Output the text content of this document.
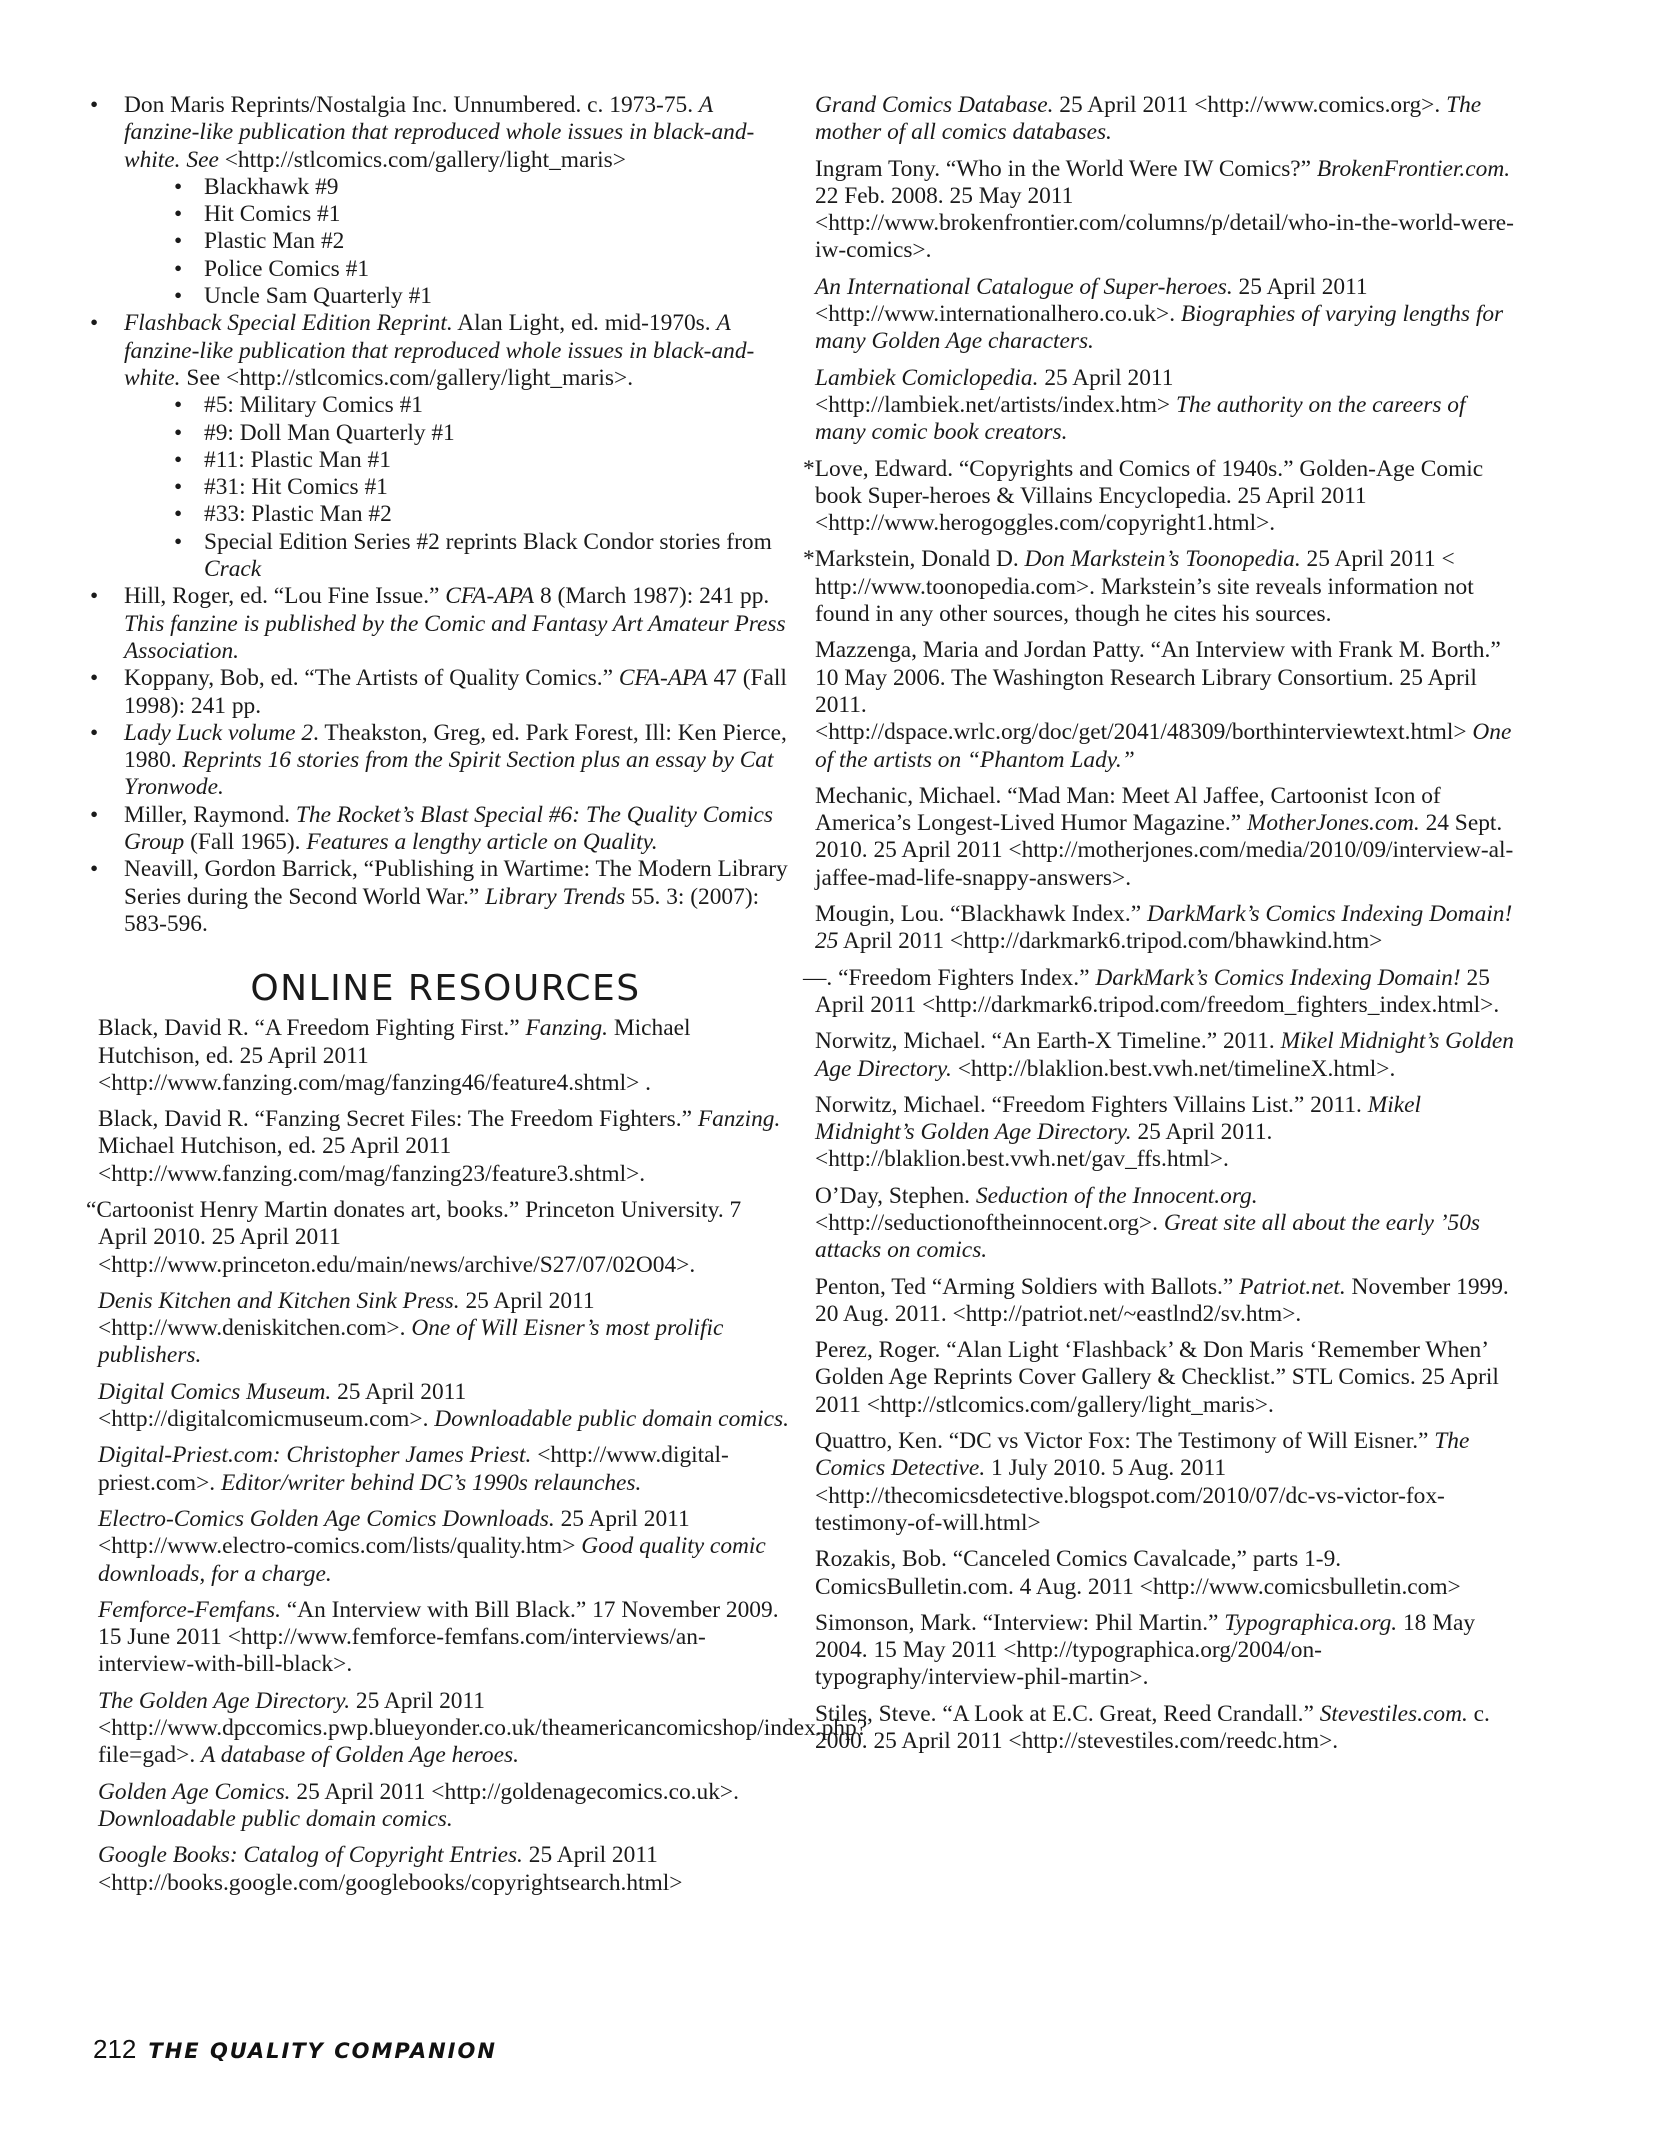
• Don Maris Reprints/Nostalgia Inc. Unnumbered. c. 1973-75. A fanzine-like publication that reproduced whole issues in black-and-white. See <http://stlcomics.com/gallery/light_maris>
• Blackhawk #9
• Hit Comics #1
• Plastic Man #2
• Police Comics #1
• Uncle Sam Quarterly #1
• Flashback Special Edition Reprint. Alan Light, ed. mid-1970s. A fanzine-like publication that reproduced whole issues in black-and-white. See <http://stlcomics.com/gallery/light_maris>.
• #5: Military Comics #1
• #9: Doll Man Quarterly #1
• #11: Plastic Man #1
• #31: Hit Comics #1
• #33: Plastic Man #2
• Special Edition Series #2 reprints Black Condor stories from Crack
• Hill, Roger, ed. “Lou Fine Issue.” CFA-APA 8 (March 1987): 241 pp. This fanzine is published by the Comic and Fantasy Art Amateur Press Association.
• Koppany, Bob, ed. “The Artists of Quality Comics.” CFA-APA 47 (Fall 1998): 241 pp.
• Lady Luck volume 2. Theakston, Greg, ed. Park Forest, Ill: Ken Pierce, 1980. Reprints 16 stories from the Spirit Section plus an essay by Cat Yronwode.
• Miller, Raymond. The Rocket’s Blast Special #6: The Quality Comics Group (Fall 1965). Features a lengthy article on Quality.
• Neavill, Gordon Barrick, “Publishing in Wartime: The Modern Library Series during the Second World War.” Library Trends 55. 3: (2007): 583-596.
ONLINE RESOURCES

Black, David R. “A Freedom Fighting First.” Fanzing. Michael Hutchison, ed. 25 April 2011 <http://www.fanzing.com/mag/fanzing46/feature4.shtml> .

Black, David R. “Fanzing Secret Files: The Freedom Fighters.” Fanzing. Michael Hutchison, ed. 25 April 2011 <http://www.fanzing.com/mag/fanzing23/feature3.shtml>.

“Cartoonist Henry Martin donates art, books.” Princeton University. 7 April 2010. 25 April 2011 <http://www.princeton.edu/main/news/archive/S27/07/02O04>.

Denis Kitchen and Kitchen Sink Press. 25 April 2011 <http://www.deniskitchen.com>. One of Will Eisner’s most prolific publishers.

Digital Comics Museum. 25 April 2011 <http://digitalcomicmuseum.com>. Downloadable public domain comics.

Digital-Priest.com: Christopher James Priest. <http://www.digital-priest.com>. Editor/writer behind DC’s 1990s relaunches.

Electro-Comics Golden Age Comics Downloads. 25 April 2011 <http://www.electro-comics.com/lists/quality.htm> Good quality comic downloads, for a charge.

Femforce-Femfans. “An Interview with Bill Black.” 17 November 2009. 15 June 2011 <http://www.femforce-femfans.com/interviews/an-interview-with-bill-black>.

The Golden Age Directory. 25 April 2011 <http://www.dpccomics.pwp.blueyonder.co.uk/theamericancomicshop/index.php?file=gad>. A database of Golden Age heroes.

Golden Age Comics. 25 April 2011 <http://goldenagecomics.co.uk>. Downloadable public domain comics.

Google Books: Catalog of Copyright Entries. 25 April 2011 <http://books.google.com/googlebooks/copyrightsearch.html>

Grand Comics Database. 25 April 2011 <http://www.comics.org>. The mother of all comics databases.

Ingram Tony. “Who in the World Were IW Comics?” BrokenFrontier.com. 22 Feb. 2008. 25 May 2011 <http://www.brokenfrontier.com/columns/p/detail/who-in-the-world-were-iw-comics>.

An International Catalogue of Super-heroes. 25 April 2011 <http://www.internationalhero.co.uk>. Biographies of varying lengths for many Golden Age characters.

Lambiek Comiclopedia. 25 April 2011 <http://lambiek.net/artists/index.htm> The authority on the careers of many comic book creators.

*Love, Edward. “Copyrights and Comics of 1940s.” Golden-Age Comic book Super-heroes & Villains Encyclopedia. 25 April 2011 <http://www.herogoggles.com/copyright1.html>.

*Markstein, Donald D. Don Markstein’s Toonopedia. 25 April 2011 < http://www.toonopedia.com>. Markstein’s site reveals information not found in any other sources, though he cites his sources.

Mazzenga, Maria and Jordan Patty. “An Interview with Frank M. Borth.” 10 May 2006. The Washington Research Library Consortium. 25 April 2011. <http://dspace.wrlc.org/doc/get/2041/48309/borthinterviewtext.html> One of the artists on “Phantom Lady.”

Mechanic, Michael. “Mad Man: Meet Al Jaffee, Cartoonist Icon of America’s Longest-Lived Humor Magazine.” MotherJones.com. 24 Sept. 2010. 25 April 2011 <http://motherjones.com/media/2010/09/interview-al-jaffee-mad-life-snappy-answers>.

Mougin, Lou. “Blackhawk Index.” DarkMark’s Comics Indexing Domain! 25 April 2011 <http://darkmark6.tripod.com/bhawkind.htm>

—. “Freedom Fighters Index.” DarkMark’s Comics Indexing Domain! 25 April 2011 <http://darkmark6.tripod.com/freedom_fighters_index.html>.

Norwitz, Michael. “An Earth-X Timeline.” 2011. Mikel Midnight’s Golden Age Directory. <http://blaklion.best.vwh.net/timelineX.html>.

Norwitz, Michael. “Freedom Fighters Villains List.” 2011. Mikel Midnight’s Golden Age Directory. 25 April 2011. <http://blaklion.best.vwh.net/gav_ffs.html>.

O’Day, Stephen. Seduction of the Innocent.org. <http://seductionoftheinnocent.org>. Great site all about the early ’50s attacks on comics.

Penton, Ted “Arming Soldiers with Ballots.” Patriot.net. November 1999. 20 Aug. 2011. <http://patriot.net/~eastlnd2/sv.htm>.

Perez, Roger. “Alan Light ‘Flashback’ & Don Maris ‘Remember When’ Golden Age Reprints Cover Gallery & Checklist.” STL Comics. 25 April 2011 <http://stlcomics.com/gallery/light_maris>.

Quattro, Ken. “DC vs Victor Fox: The Testimony of Will Eisner.” The Comics Detective. 1 July 2010. 5 Aug. 2011 <http://thecomicsdetective.blogspot.com/2010/07/dc-vs-victor-fox-testimony-of-will.html>

Rozakis, Bob. “Canceled Comics Cavalcade,” parts 1-9. ComicsBulletin.com. 4 Aug. 2011 <http://www.comicsbulletin.com>

Simonson, Mark. “Interview: Phil Martin.” Typographica.org. 18 May 2004. 15 May 2011 <http://typographica.org/2004/on-typography/interview-phil-martin>.

Stiles, Steve. “A Look at E.C. Great, Reed Crandall.” Stevestiles.com. c. 2000. 25 April 2011 <http://stevestiles.com/reedc.htm>.

212 THE QUALITY COMPANION
